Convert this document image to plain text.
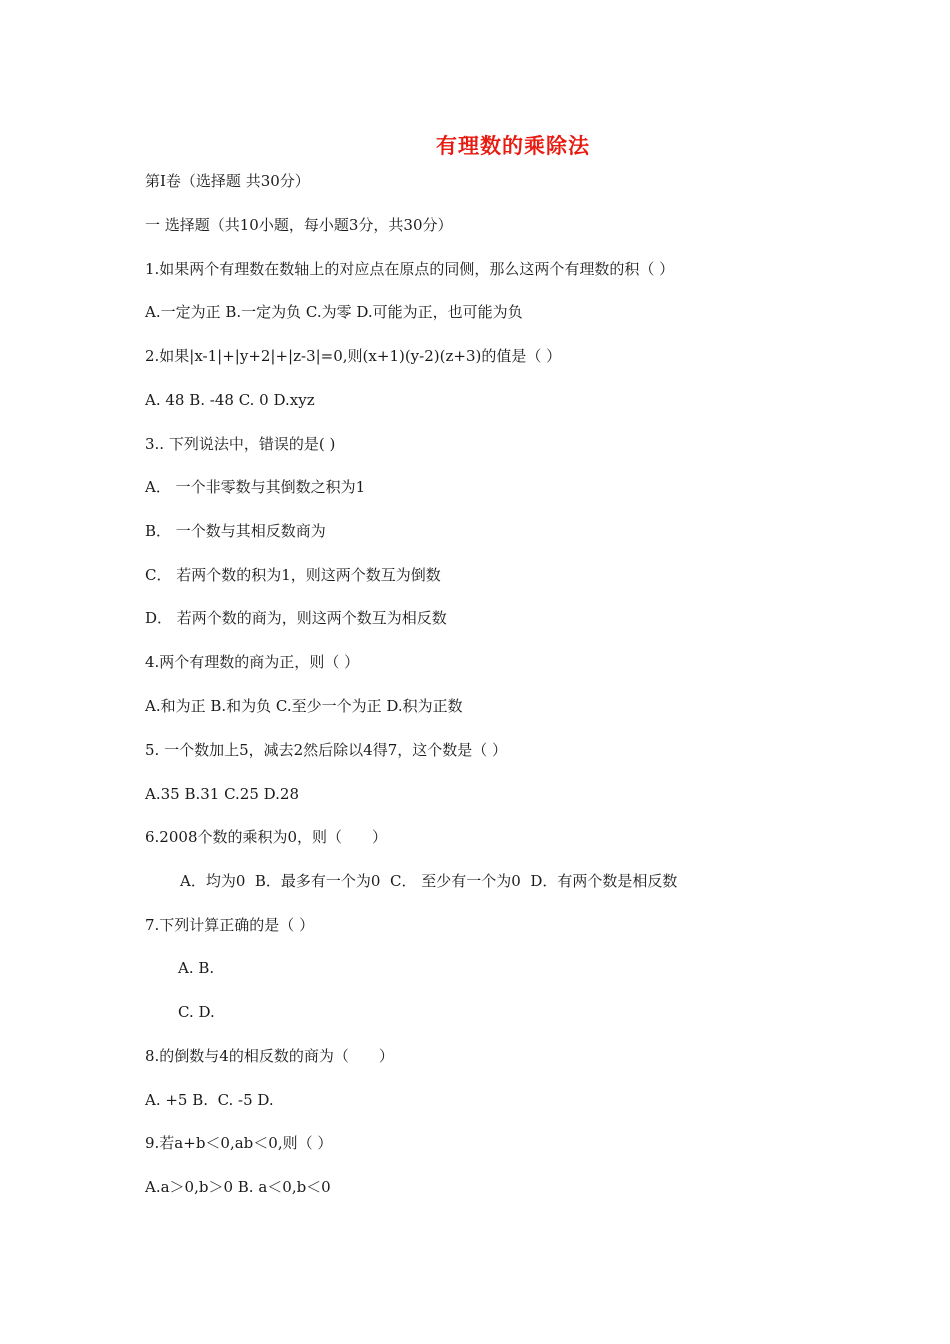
有理数的乘除法
第Ⅰ卷（选择题 共30分）
一 选择题（共10小题，每小题3分，共30分）
1.如果两个有理数在数轴上的对应点在原点的同侧，那么这两个有理数的积（ ）
A.一定为正 B.一定为负 C.为零 D.可能为正，也可能为负
2.如果|x-1|+|y+2|+|z-3|=0,则(x+1)(y-2)(z+3)的值是（ ）
A. 48 B. -48 C. 0 D.xyz
3.. 下列说法中，错误的是( )
A． 一个非零数与其倒数之积为1
B． 一个数与其相反数商为
C． 若两个数的积为1，则这两个数互为倒数
D． 若两个数的商为，则这两个数互为相反数
4.两个有理数的商为正，则（ ）
A.和为正 B.和为负 C.至少一个为正 D.积为正数
5. 一个数加上5，减去2然后除以4得7，这个数是（ ）
A.35 B.31 C.25 D.28
6.2008个数的乘积为0，则（　　）
A．均为0  B．最多有一个为0  C． 至少有一个为0  D．有两个数是相反数
7.下列计算正确的是（ ）
A. B.
C. D.
8.的倒数与4的相反数的商为（　　）
A. +5 B.  C. -5 D.
9.若a+b＜0,ab＜0,则（ ）
A.a＞0,b＞0 B. a＜0,b＜0
